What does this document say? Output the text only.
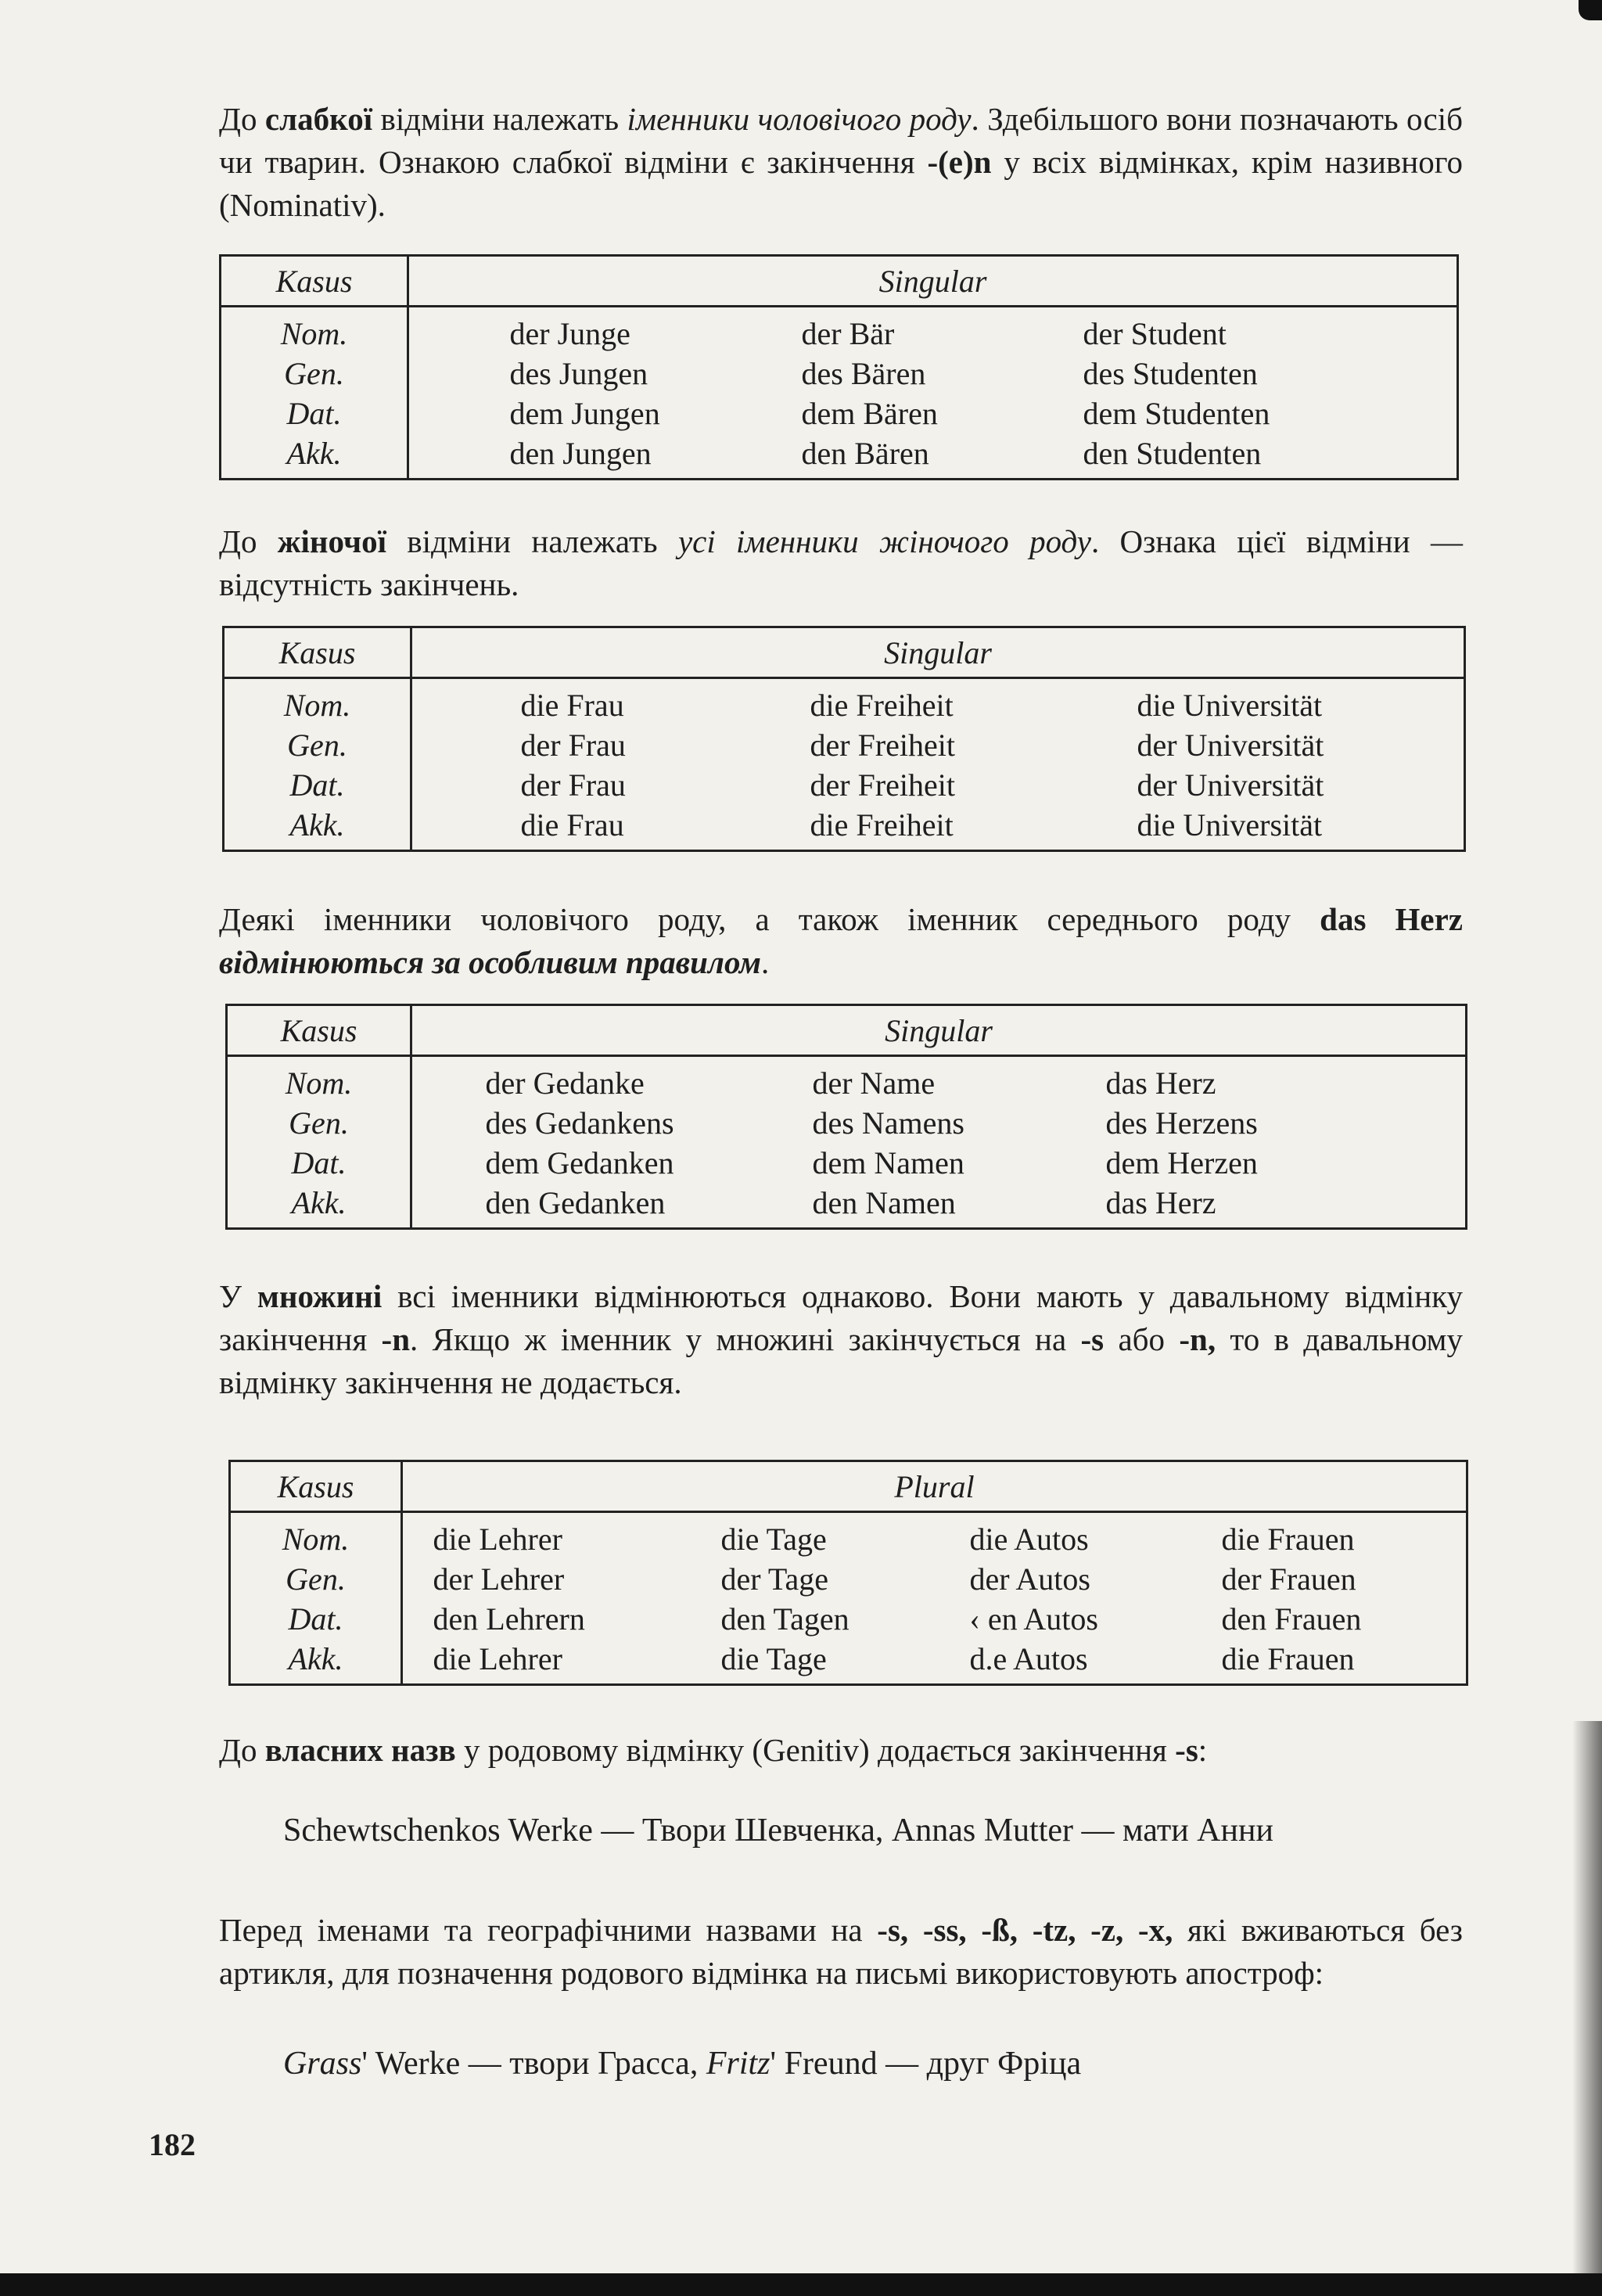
До слабкої відміни належать іменники чоловічого роду. Здебільшого вони позначають осіб чи тварин. Ознакою слабкої відміни є закінчення -(e)n у всіх відмінках, крім називного (Nominativ).
Kasus	Singular			
Nom.		der Junge	der Bär	der Student
Gen.		des Jungen	des Bären	des Studenten
Dat.		dem Jungen	dem Bären	dem Studenten
Akk.		den Jungen	den Bären	den Studenten
До жіночої відміни належать усі іменники жіночого роду. Ознака цієї відміни — відсутність закінчень.
Kasus	Singular			
Nom.		die Frau	die Freiheit	die Universität
Gen.		der Frau	der Freiheit	der Universität
Dat.		der Frau	der Freiheit	der Universität
Akk.		die Frau	die Freiheit	die Universität
Деякі іменники чоловічого роду, а також іменник середнього роду das Herz відмінюються за особливим правилом.
Kasus	Singular			
Nom.		der Gedanke	der Name	das Herz
Gen.		des Gedankens	des Namens	des Herzens
Dat.		dem Gedanken	dem Namen	dem Herzen
Akk.		den Gedanken	den Namen	das Herz
У множині всі іменники відмінюються однаково. Вони мають у давальному відмінку закінчення -n. Якщо ж іменник у множині закінчується на -s або -n, то в давальному відмінку закінчення не додається.
Kasus	Plural				
Nom.		die Lehrer	die Tage	die Autos	die Frauen
Gen.		der Lehrer	der Tage	der Autos	der Frauen
Dat.		den Lehrern	den Tagen	‹ en Autos	den Frauen
Akk.		die Lehrer	die Tage	d.e Autos	die Frauen
До власних назв у родовому відмінку (Genitiv) додається закінчення -s:
Schewtschenkos Werke — Твори Шевченка, Annas Mutter — мати Анни
Перед іменами та географічними назвами на -s, -ss, -ß, -tz, -z, -x, які вживаються без артикля, для позначення родового відмінка на письмі використовують апостроф:
Grass' Werke — твори Грасса, Fritz' Freund — друг Фріца
182
